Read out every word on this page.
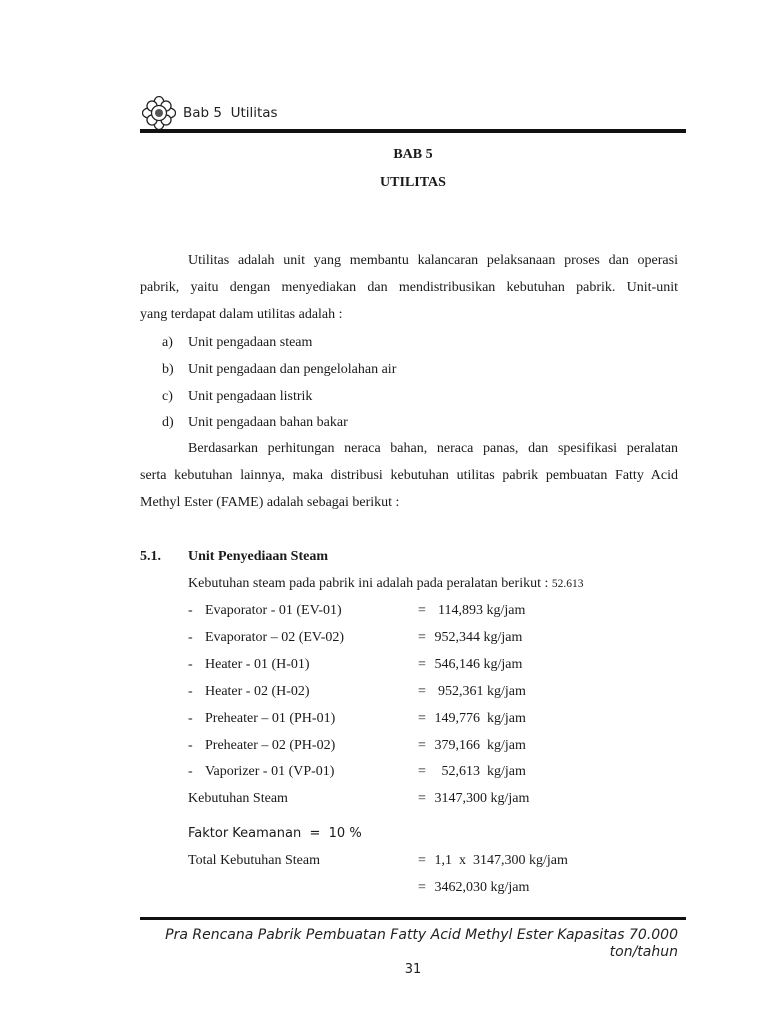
Bab 5  Utilitas
BAB 5
UTILITAS
Utilitas adalah unit yang membantu kalancaran pelaksanaan proses dan operasi
pabrik, yaitu dengan menyediakan dan mendistribusikan kebutuhan pabrik. Unit-unit
yang terdapat dalam utilitas adalah :
a) Unit pengadaan steam
b) Unit pengadaan dan pengelolahan air
c) Unit pengadaan listrik
d) Unit pengadaan bahan bakar
Berdasarkan perhitungan neraca bahan, neraca panas, dan spesifikasi peralatan
serta kebutuhan lainnya, maka distribusi kebutuhan utilitas pabrik pembuatan Fatty Acid
Methyl Ester (FAME) adalah sebagai berikut :
5.1. Unit Penyediaan Steam
Kebutuhan steam pada pabrik ini adalah pada peralatan berikut : 52.613
- Evaporator - 01 (EV-01)	= 114,893 kg/jam
- Evaporator – 02 (EV-02)	= 952,344 kg/jam
- Heater - 01 (H-01)	= 546,146 kg/jam
- Heater - 02 (H-02)	= 952,361 kg/jam
- Preheater – 01 (PH-01)	= 149,776  kg/jam
- Preheater – 02 (PH-02)	= 379,166  kg/jam
- Vaporizer - 01 (VP-01)	= 52,613  kg/jam
Kebutuhan Steam	= 3147,300 kg/jam
Faktor Keamanan  =  10 %
Total Kebutuhan Steam	= 1,1  x  3147,300 kg/jam
= 3462,030 kg/jam
Pra Rencana Pabrik Pembuatan Fatty Acid Methyl Ester Kapasitas 70.000
ton/tahun
31
